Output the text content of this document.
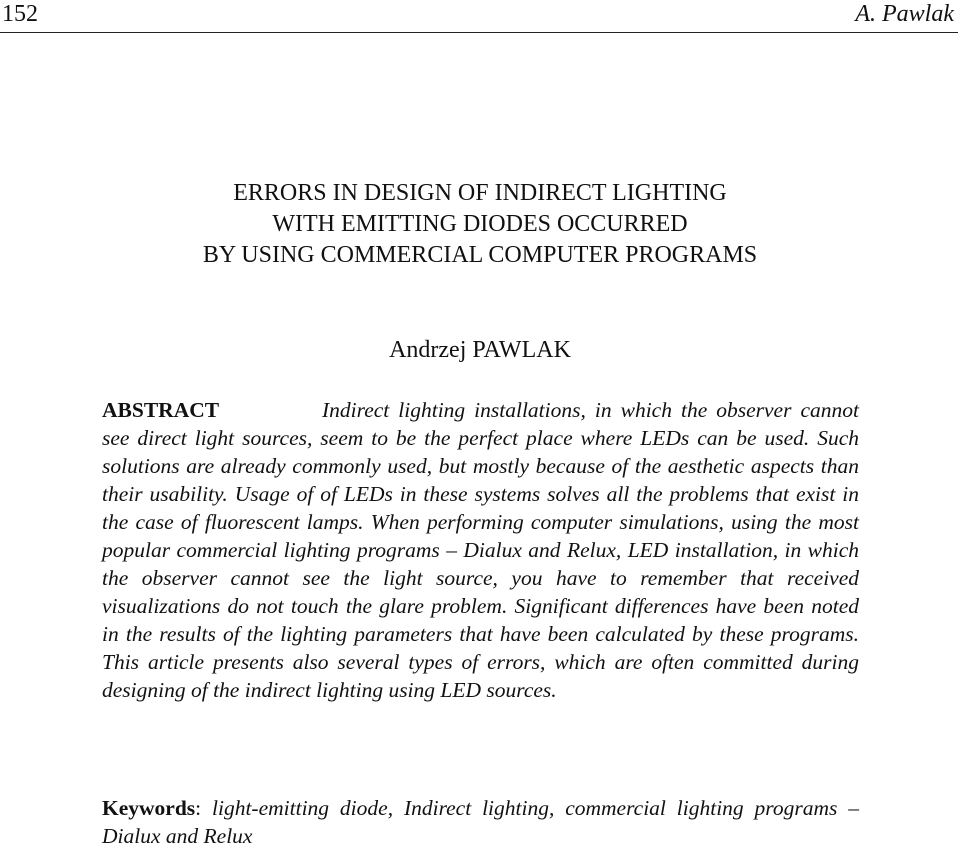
152	A. Pawlak
ERRORS IN DESIGN OF INDIRECT LIGHTING
WITH EMITTING DIODES OCCURRED
BY USING COMMERCIAL COMPUTER PROGRAMS
Andrzej PAWLAK
ABSTRACT	Indirect lighting installations, in which the observer cannot see direct light sources, seem to be the perfect place where LEDs can be used. Such solutions are already commonly used, but mostly because of the aesthetic aspects than their usability. Usage of of LEDs in these systems solves all the problems that exist in the case of fluorescent lamps. When performing computer simulations, using the most popular commercial lighting programs – Dialux and Relux, LED installation, in which the observer cannot see the light source, you have to remember that received visualizations do not touch the glare problem. Significant differences have been noted in the results of the lighting parameters that have been calculated by these programs. This article presents also several types of errors, which are often committed during designing of the indirect lighting using LED sources.
Keywords: light-emitting diode, Indirect lighting, commercial lighting programs – Dialux and Relux
